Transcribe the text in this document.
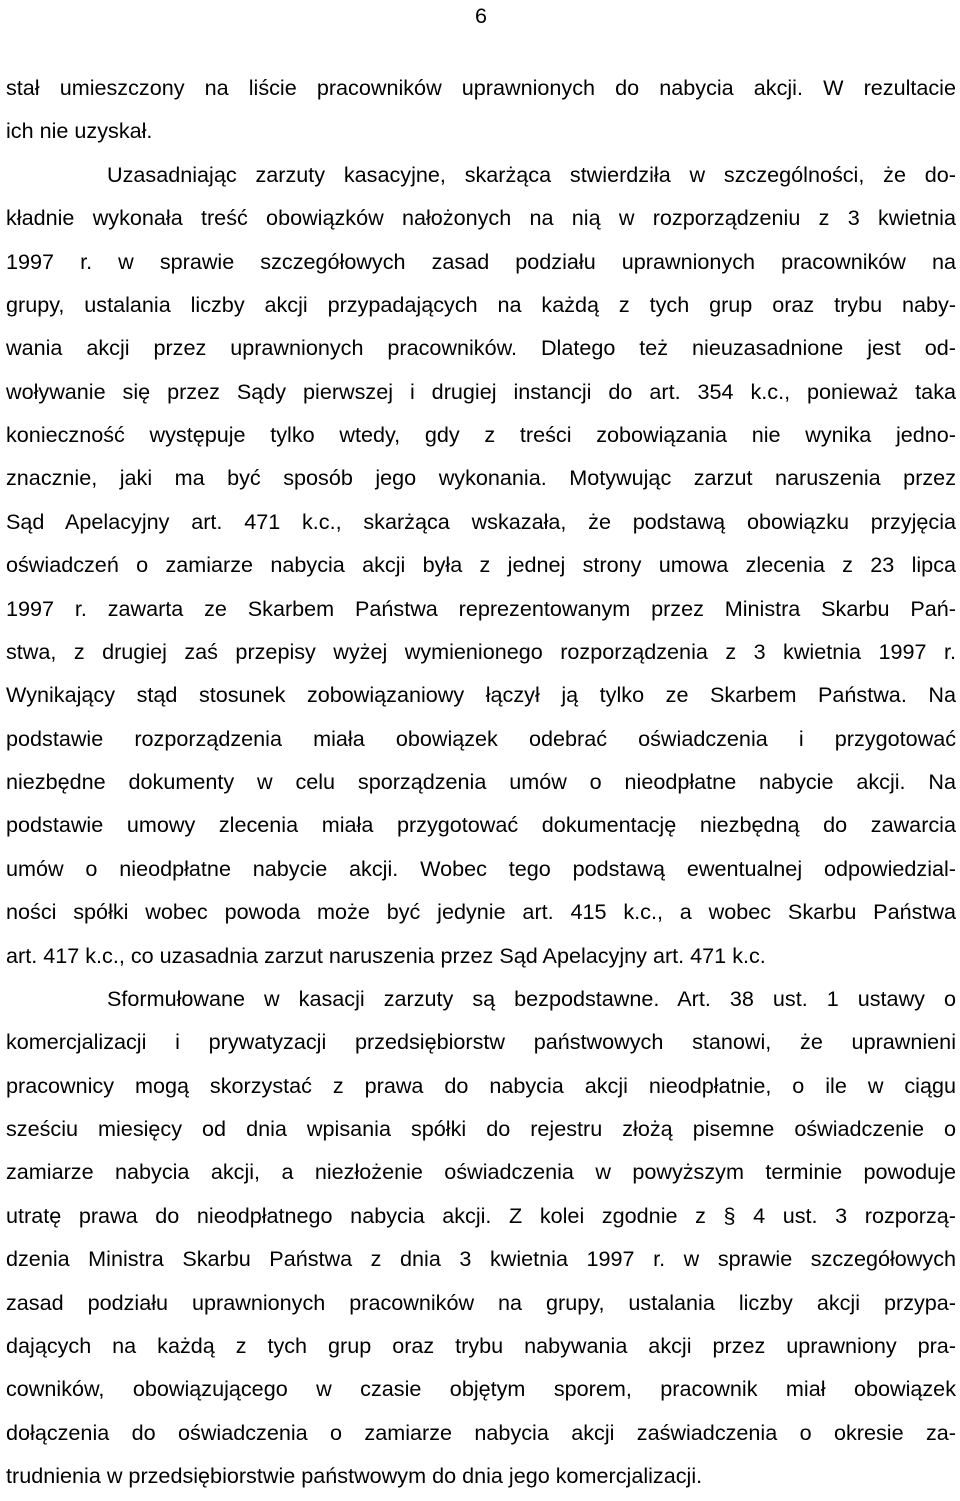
6
stał umieszczony na liście pracowników uprawnionych do nabycia akcji. W rezultacie
ich nie uzyskał.
Uzasadniając zarzuty kasacyjne, skarżąca stwierdziła w szczególności, że do-
kładnie wykonała treść obowiązków nałożonych na nią w rozporządzeniu z 3 kwietnia
1997 r. w sprawie szczegółowych zasad podziału uprawnionych pracowników na
grupy, ustalania liczby akcji przypadających na każdą z tych grup oraz trybu naby-
wania akcji przez uprawnionych pracowników. Dlatego też nieuzasadnione jest od-
woływanie się przez Sądy pierwszej i drugiej instancji do art. 354 k.c., ponieważ taka
konieczność występuje tylko wtedy, gdy z treści zobowiązania nie wynika jedno-
znacznie, jaki ma być sposób jego wykonania. Motywując zarzut naruszenia przez
Sąd Apelacyjny art. 471 k.c., skarżąca wskazała, że podstawą obowiązku przyjęcia
oświadczeń o zamiarze nabycia akcji była z jednej strony umowa zlecenia z 23 lipca
1997 r. zawarta ze Skarbem Państwa reprezentowanym przez Ministra Skarbu Pań-
stwa, z drugiej zaś przepisy wyżej wymienionego rozporządzenia z 3 kwietnia 1997 r.
Wynikający stąd stosunek zobowiązaniowy łączył ją tylko ze Skarbem Państwa. Na
podstawie rozporządzenia miała obowiązek odebrać oświadczenia i przygotować
niezbędne dokumenty w celu sporządzenia umów o nieodpłatne nabycie akcji. Na
podstawie umowy zlecenia miała przygotować dokumentację niezbędną do zawarcia
umów o nieodpłatne nabycie akcji. Wobec tego podstawą ewentualnej odpowiedzial-
ności spółki wobec powoda może być jedynie art. 415 k.c., a wobec Skarbu Państwa
art. 417 k.c., co uzasadnia zarzut naruszenia przez Sąd Apelacyjny art. 471 k.c.
Sformułowane w kasacji zarzuty są bezpodstawne. Art. 38 ust. 1 ustawy o
komercjalizacji i prywatyzacji przedsiębiorstw państwowych stanowi, że uprawnieni
pracownicy mogą skorzystać z prawa do nabycia akcji nieodpłatnie, o ile w ciągu
sześciu miesięcy od dnia wpisania spółki do rejestru złożą pisemne oświadczenie o
zamiarze nabycia akcji, a niezłożenie oświadczenia w powyższym terminie powoduje
utratę prawa do nieodpłatnego nabycia akcji. Z kolei zgodnie z § 4 ust. 3 rozporzą-
dzenia Ministra Skarbu Państwa z dnia 3 kwietnia 1997 r. w sprawie szczegółowych
zasad podziału uprawnionych pracowników na grupy, ustalania liczby akcji przypa-
dających na każdą z tych grup oraz trybu nabywania akcji przez uprawniony pra-
cowników, obowiązującego w czasie objętym sporem, pracownik miał obowiązek
dołączenia do oświadczenia o zamiarze nabycia akcji zaświadczenia o okresie za-
trudnienia w przedsiębiorstwie państwowym do dnia jego komercjalizacji.
